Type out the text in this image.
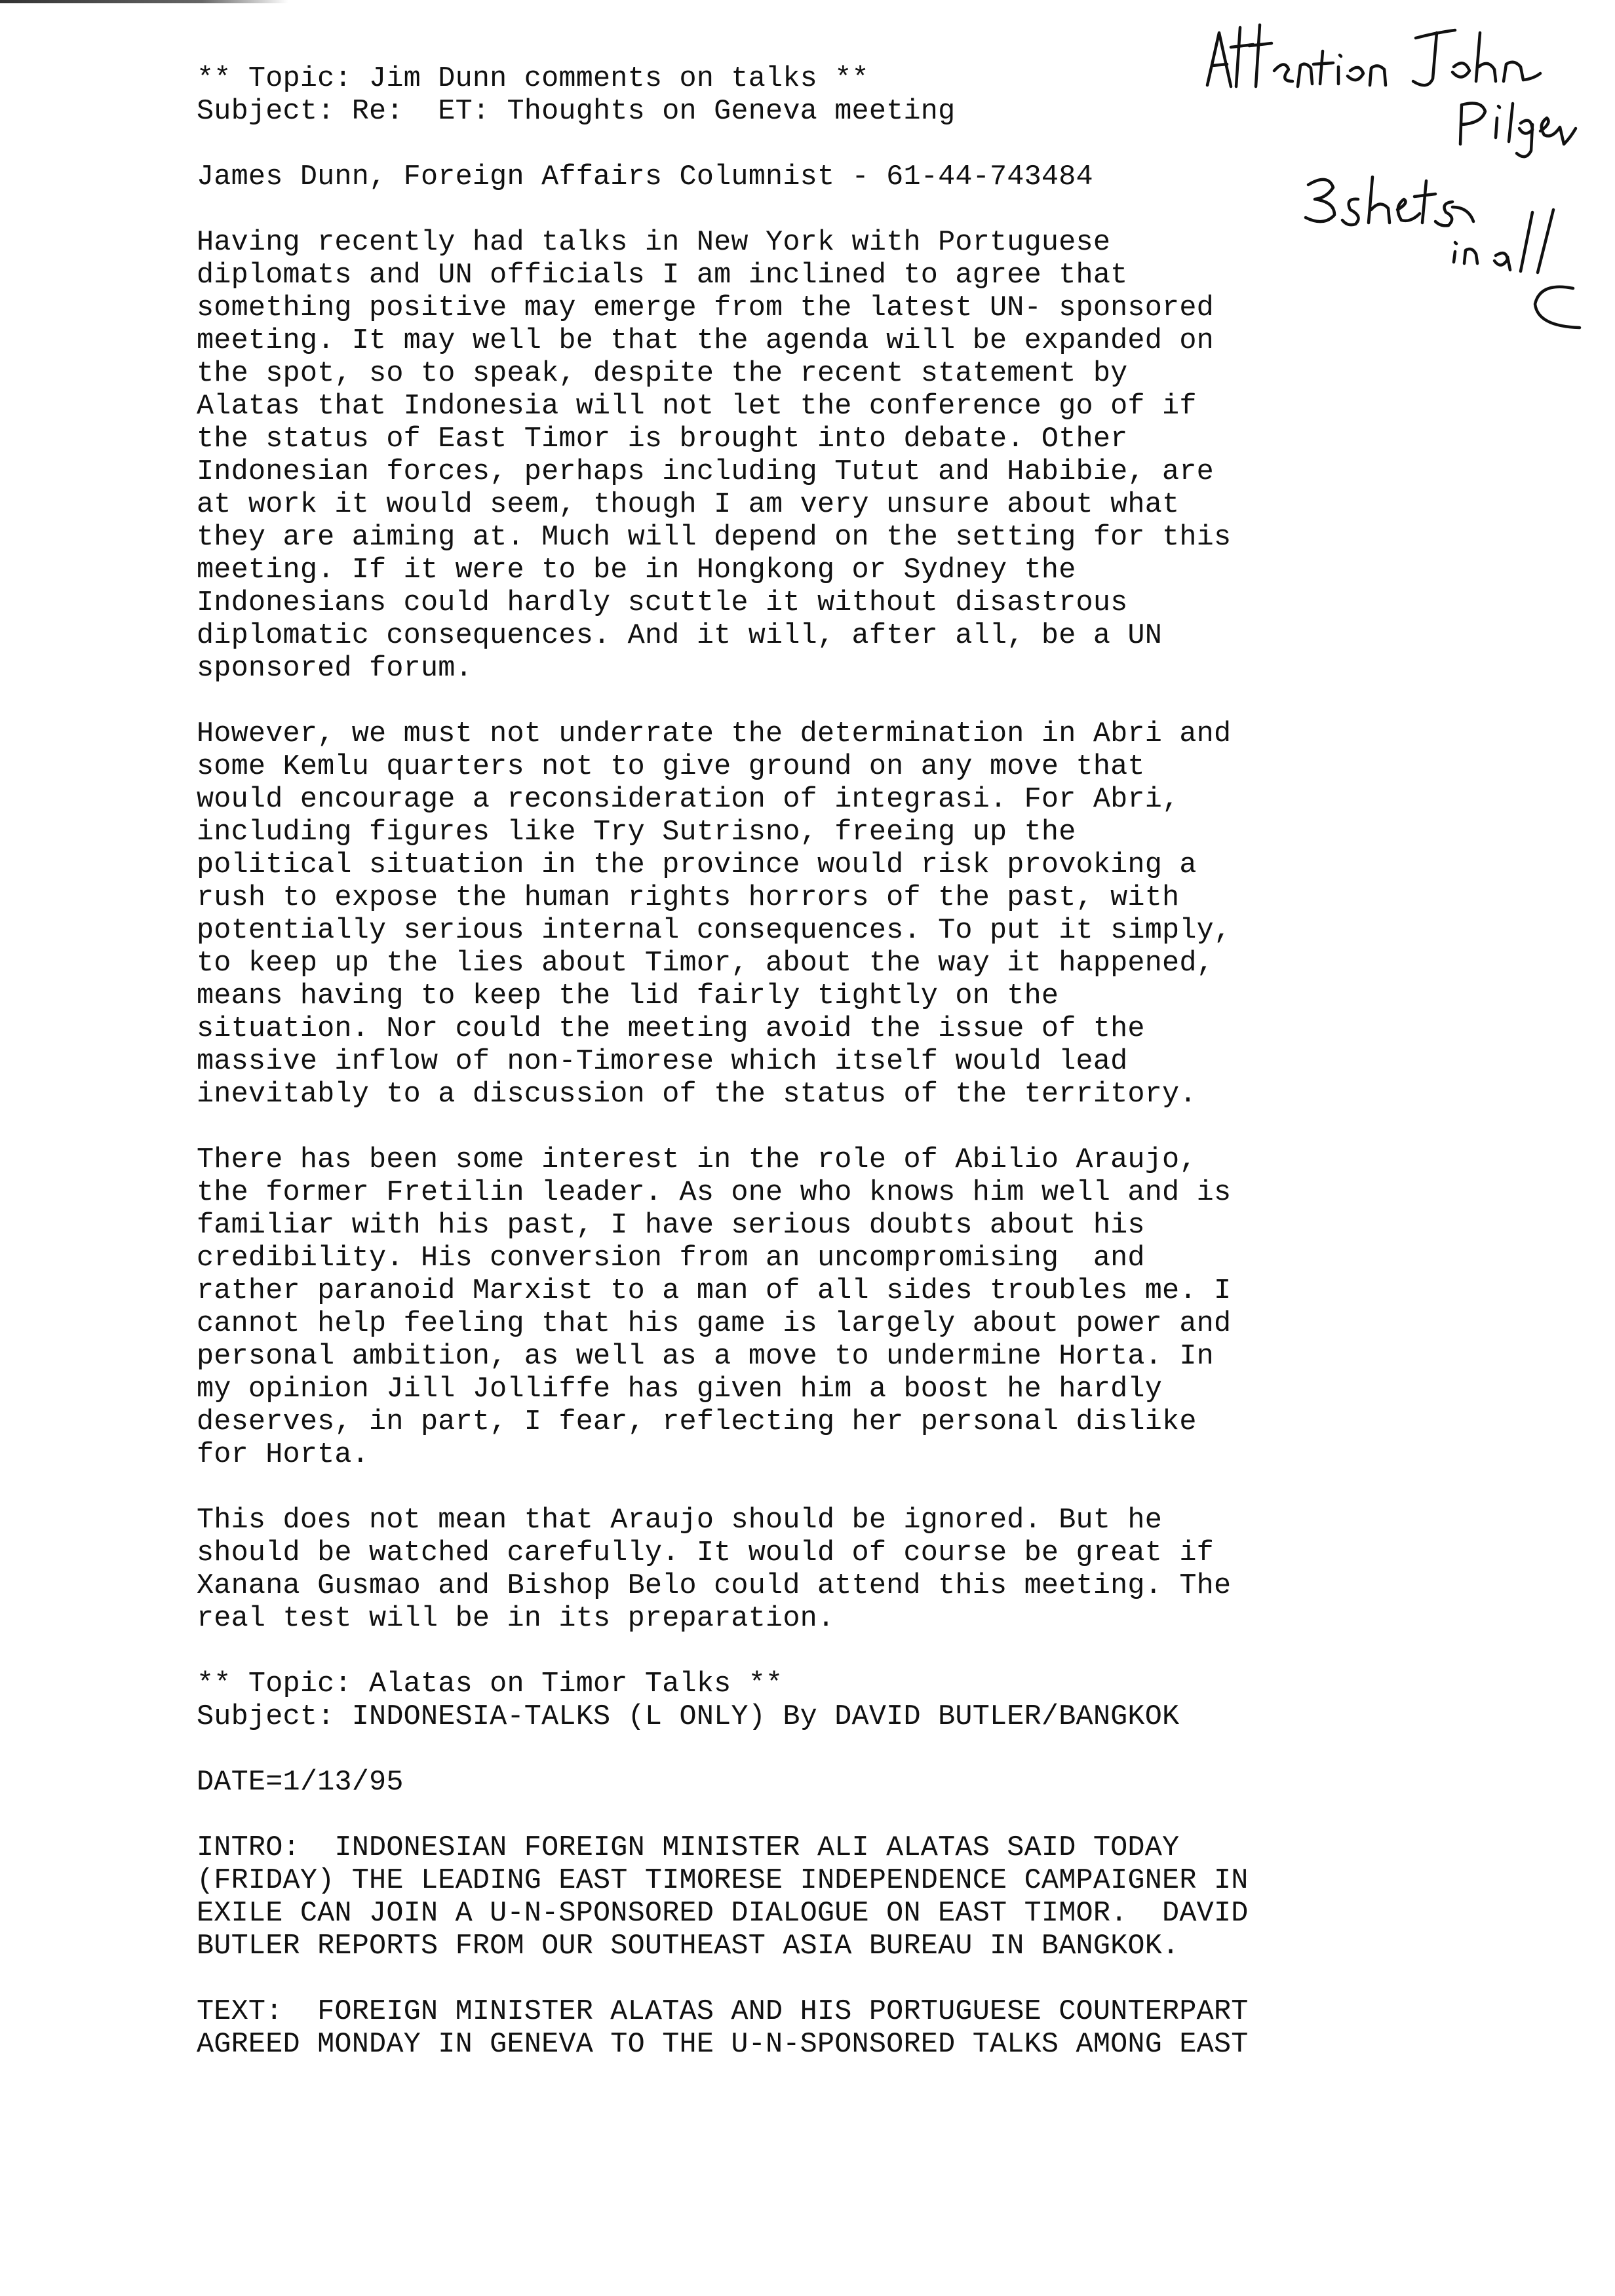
** Topic: Jim Dunn comments on talks **

Subject: Re:  ET: Thoughts on Geneva meeting

James Dunn, Foreign Affairs Columnist - 61-44-743484

Having recently had talks in New York with Portuguese

diplomats and UN officials I am inclined to agree that

something positive may emerge from the latest UN- sponsored

meeting. It may well be that the agenda will be expanded on

the spot, so to speak, despite the recent statement by

Alatas that Indonesia will not let the conference go of if

the status of East Timor is brought into debate. Other

Indonesian forces, perhaps including Tutut and Habibie, are

at work it would seem, though I am very unsure about what

they are aiming at. Much will depend on the setting for this

meeting. If it were to be in Hongkong or Sydney the

Indonesians could hardly scuttle it without disastrous

diplomatic consequences. And it will, after all, be a UN

sponsored forum.

However, we must not underrate the determination in Abri and

some Kemlu quarters not to give ground on any move that

would encourage a reconsideration of integrasi. For Abri,

including figures like Try Sutrisno, freeing up the

political situation in the province would risk provoking a

rush to expose the human rights horrors of the past, with

potentially serious internal consequences. To put it simply,

to keep up the lies about Timor, about the way it happened,

means having to keep the lid fairly tightly on the

situation. Nor could the meeting avoid the issue of the

massive inflow of non-Timorese which itself would lead

inevitably to a discussion of the status of the territory.

There has been some interest in the role of Abilio Araujo,

the former Fretilin leader. As one who knows him well and is

familiar with his past, I have serious doubts about his

credibility. His conversion from an uncompromising  and

rather paranoid Marxist to a man of all sides troubles me. I

cannot help feeling that his game is largely about power and

personal ambition, as well as a move to undermine Horta. In

my opinion Jill Jolliffe has given him a boost he hardly

deserves, in part, I fear, reflecting her personal dislike

for Horta.

This does not mean that Araujo should be ignored. But he

should be watched carefully. It would of course be great if

Xanana Gusmao and Bishop Belo could attend this meeting. The

real test will be in its preparation.

** Topic: Alatas on Timor Talks **

Subject: INDONESIA-TALKS (L ONLY) By DAVID BUTLER/BANGKOK

DATE=1/13/95

INTRO:  INDONESIAN FOREIGN MINISTER ALI ALATAS SAID TODAY

(FRIDAY) THE LEADING EAST TIMORESE INDEPENDENCE CAMPAIGNER IN

EXILE CAN JOIN A U-N-SPONSORED DIALOGUE ON EAST TIMOR.  DAVID

BUTLER REPORTS FROM OUR SOUTHEAST ASIA BUREAU IN BANGKOK.

TEXT:  FOREIGN MINISTER ALATAS AND HIS PORTUGUESE COUNTERPART

AGREED MONDAY IN GENEVA TO THE U-N-SPONSORED TALKS AMONG EAST
